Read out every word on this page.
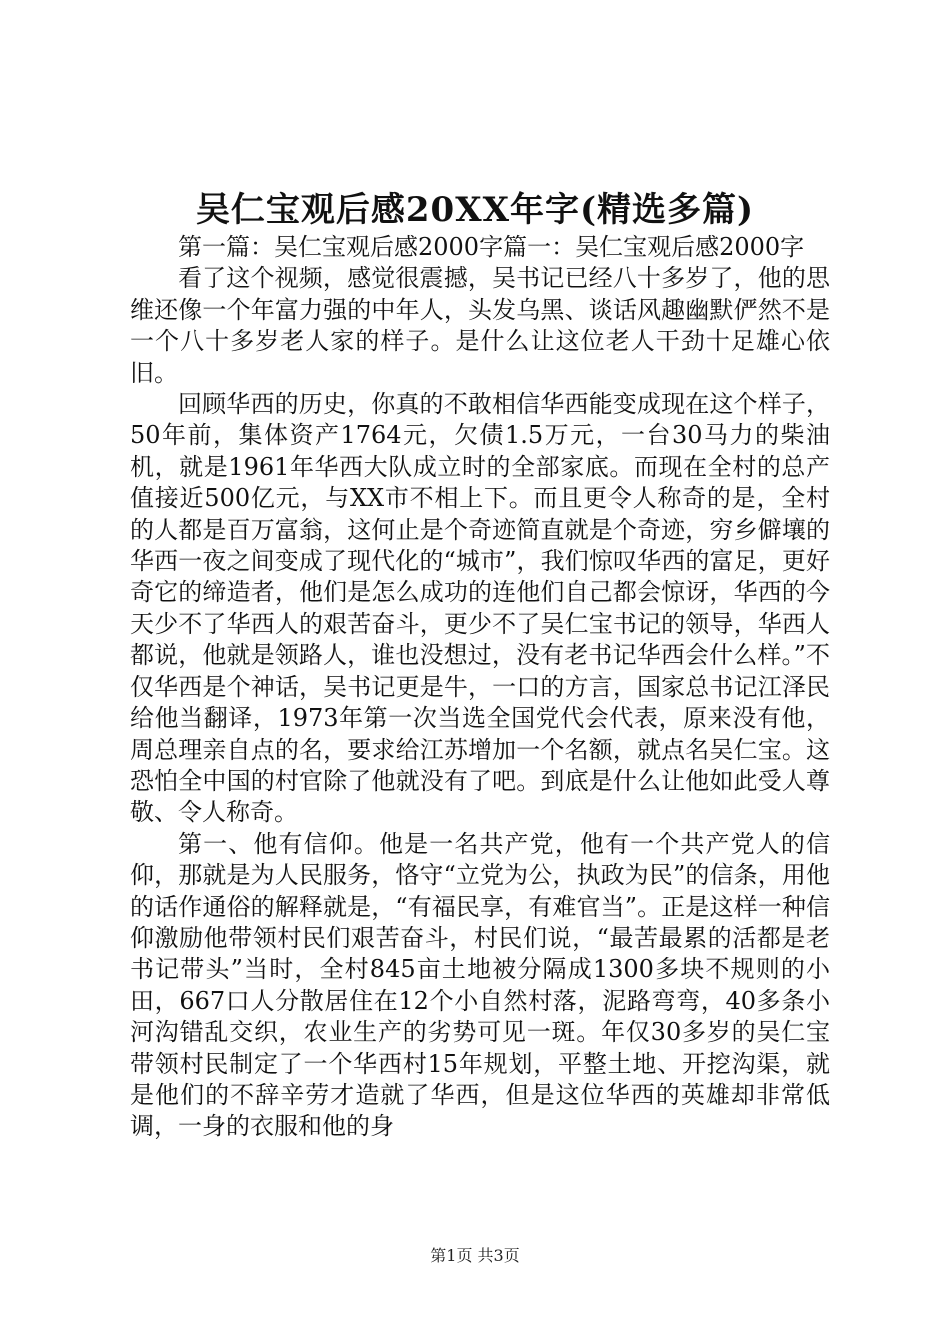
吴仁宝观后感20XX年字(精选多篇)

第一篇：吴仁宝观后感2000字篇一：吴仁宝观后感2000字

看了这个视频，感觉很震撼，吴书记已经八十多岁了，他的思维还像一个年富力强的中年人，头发乌黑、谈话风趣幽默俨然不是一个八十多岁老人家的样子。是什么让这位老人干劲十足雄心依旧。

回顾华西的历史，你真的不敢相信华西能变成现在这个样子，50年前，集体资产1764元，欠债1.5万元，一台30马力的柴油机，就是1961年华西大队成立时的全部家底。而现在全村的总产值接近500亿元，与XX市不相上下。而且更令人称奇的是，全村的人都是百万富翁，这何止是个奇迹简直就是个奇迹，穷乡僻壤的华西一夜之间变成了现代化的“城市”，我们惊叹华西的富足，更好奇它的缔造者，他们是怎么成功的连他们自己都会惊讶，华西的今天少不了华西人的艰苦奋斗，更少不了吴仁宝书记的领导，华西人都说，他就是领路人，谁也没想过，没有老书记华西会什么样。”不仅华西是个神话，吴书记更是牛，一口的方言，国家总书记江泽民给他当翻译，1973年第一次当选全国党代会代表，原来没有他，周总理亲自点的名，要求给江苏增加一个名额，就点名吴仁宝。这恐怕全中国的村官除了他就没有了吧。到底是什么让他如此受人尊敬、令人称奇。

第一、他有信仰。他是一名共产党，他有一个共产党人的信仰，那就是为人民服务，恪守“立党为公，执政为民”的信条，用他的话作通俗的解释就是，“有福民享，有难官当”。正是这样一种信仰激励他带领村民们艰苦奋斗，村民们说，“最苦最累的活都是老书记带头”当时，全村845亩土地被分隔成1300多块不规则的小田，667口人分散居住在12个小自然村落，泥路弯弯，40多条小河沟错乱交织，农业生产的劣势可见一斑。年仅30多岁的吴仁宝带领村民制定了一个华西村15年规划，平整土地、开挖沟渠，就是他们的不辞辛劳才造就了华西，但是这位华西的英雄却非常低调，一身的衣服和他的身

第1页 共3页
